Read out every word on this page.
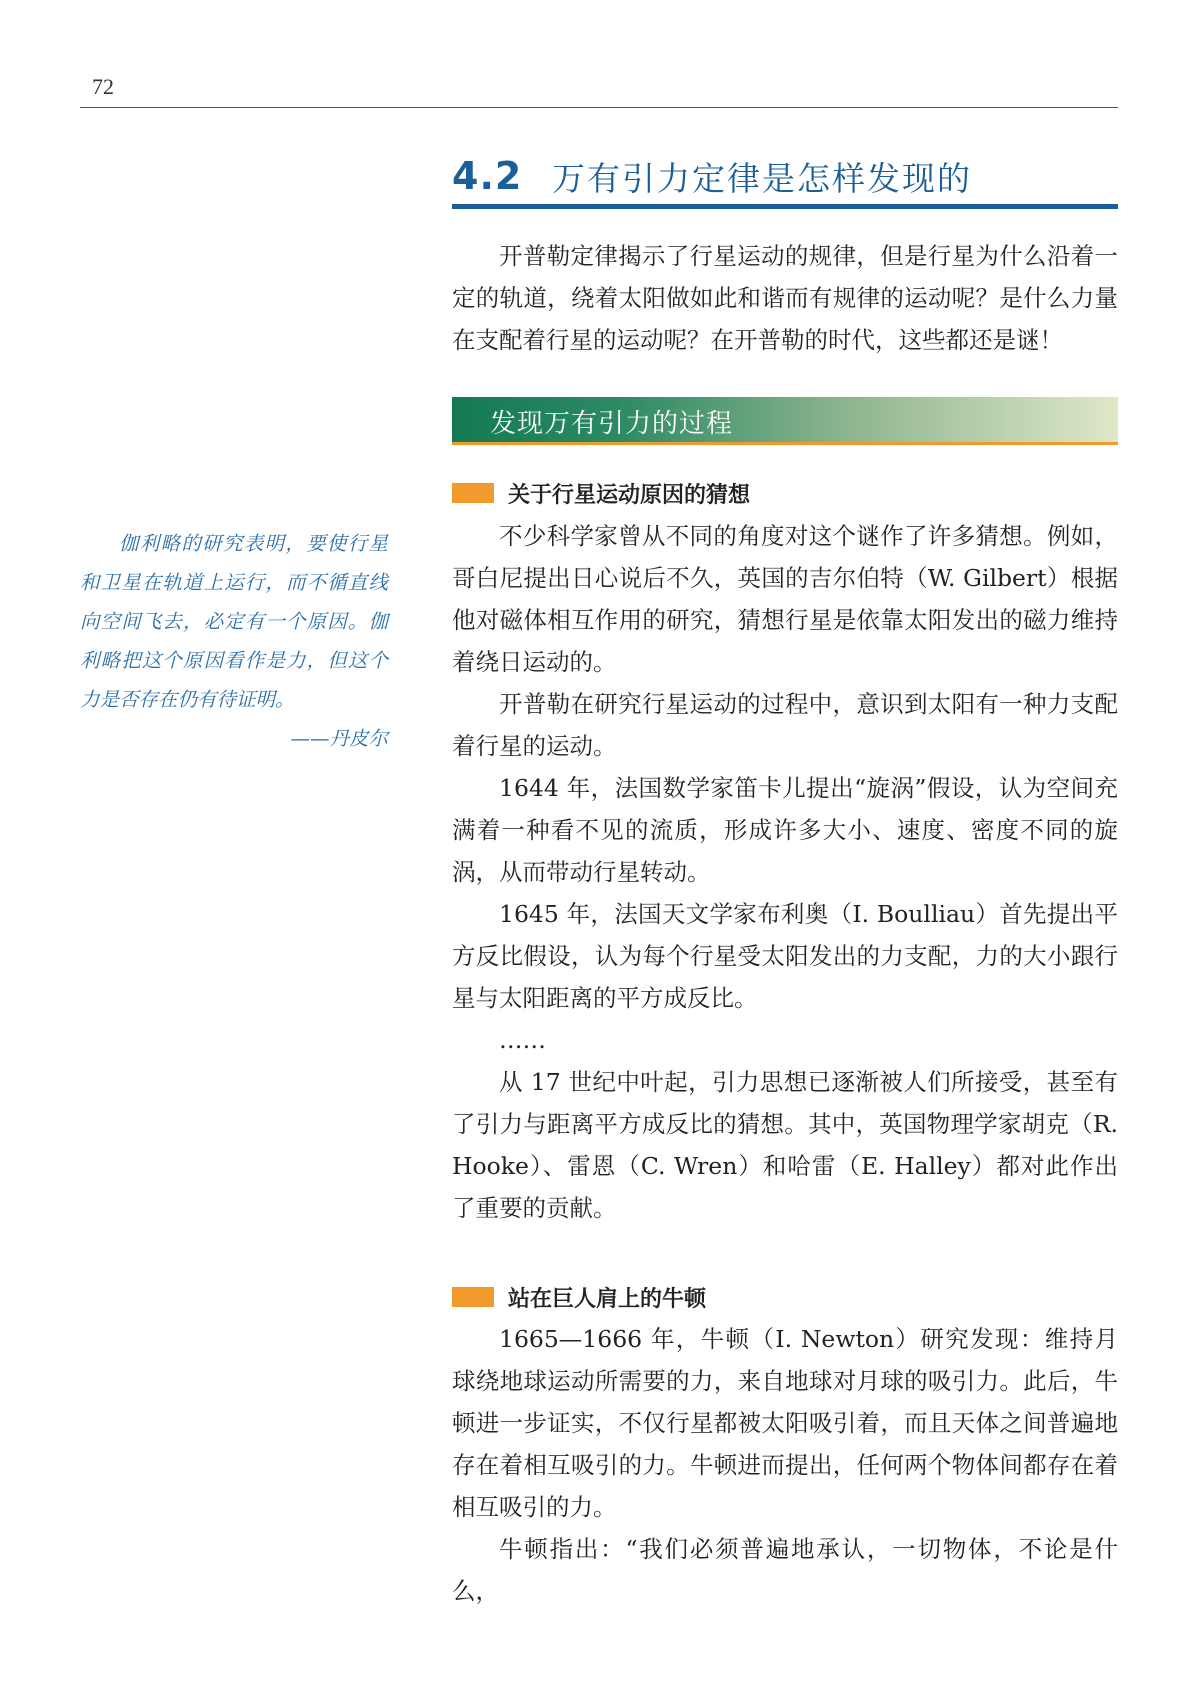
72
4.2 万有引力定律是怎样发现的

开普勒定律揭示了行星运动的规律，但是行星为什么沿着一定的轨道，绕着太阳做如此和谐而有规律的运动呢？是什么力量在支配着行星的运动呢？在开普勒的时代，这些都还是谜！

发现万有引力的过程
关于行星运动原因的猜想

不少科学家曾从不同的角度对这个谜作了许多猜想。例如，哥白尼提出日心说后不久，英国的吉尔伯特（W. Gilbert）根据他对磁体相互作用的研究，猜想行星是依靠太阳发出的磁力维持着绕日运动的。

开普勒在研究行星运动的过程中，意识到太阳有一种力支配着行星的运动。

1644 年，法国数学家笛卡儿提出“旋涡”假设，认为空间充满着一种看不见的流质，形成许多大小、速度、密度不同的旋涡，从而带动行星转动。

1645 年，法国天文学家布利奥（I. Boulliau）首先提出平方反比假设，认为每个行星受太阳发出的力支配，力的大小跟行星与太阳距离的平方成反比。

……

从 17 世纪中叶起，引力思想已逐渐被人们所接受，甚至有了引力与距离平方成反比的猜想。其中，英国物理学家胡克（R. Hooke）、雷恩（C. Wren）和哈雷（E. Halley）都对此作出了重要的贡献。

站在巨人肩上的牛顿

1665—1666 年，牛顿（I. Newton）研究发现：维持月球绕地球运动所需要的力，来自地球对月球的吸引力。此后，牛顿进一步证实，不仅行星都被太阳吸引着，而且天体之间普遍地存在着相互吸引的力。牛顿进而提出，任何两个物体间都存在着相互吸引的力。

牛顿指出：“我们必须普遍地承认，一切物体，不论是什么，

伽利略的研究表明，要使行星和卫星在轨道上运行，而不循直线向空间飞去，必定有一个原因。伽利略把这个原因看作是力，但这个力是否存在仍有待证明。

——丹皮尔
